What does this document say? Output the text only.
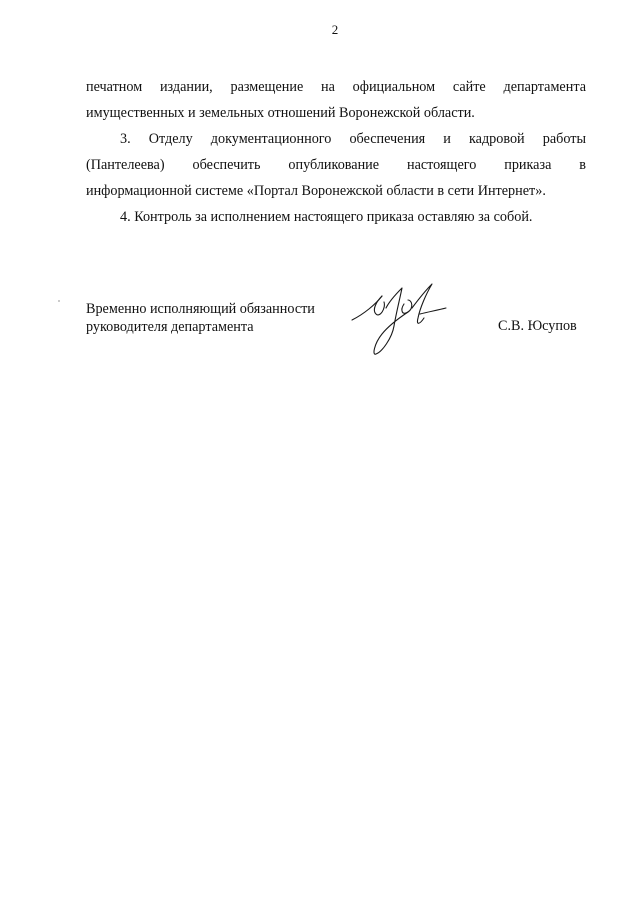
2

печатном издании, размещение на официальном сайте департамента

имущественных и земельных отношений Воронежской области.

3. Отделу документационного обеспечения и кадровой работы

(Пантелеева) обеспечить опубликование настоящего приказа в

информационной системе «Портал Воронежской области в сети Интернет».

4. Контроль за исполнением настоящего приказа оставляю за собой.

Временно исполняющий обязанности
руководителя департамента	С.В. Юсупов
